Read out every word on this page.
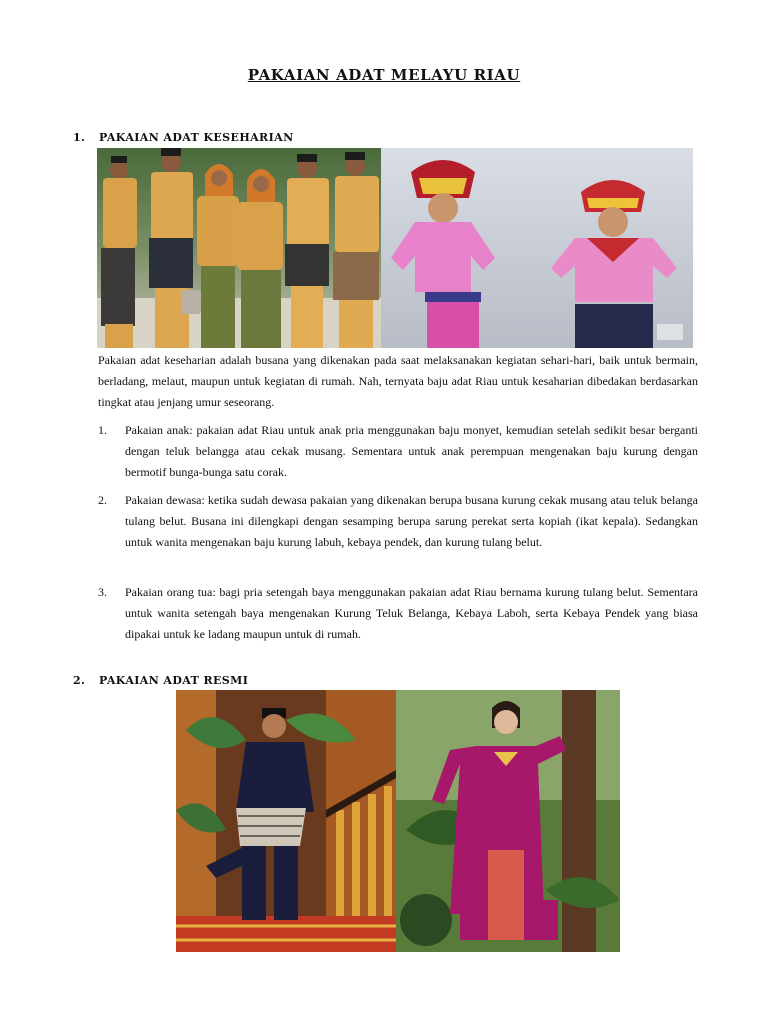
PAKAIAN ADAT MELAYU RIAU
1. PAKAIAN ADAT KESEHARIAN
Pakaian adat keseharian adalah busana yang dikenakan pada saat melaksanakan kegiatan sehari-hari, baik untuk bermain, berladang, melaut, maupun untuk kegiatan di rumah. Nah, ternyata baju adat Riau untuk kesaharian dibedakan berdasarkan tingkat atau jenjang umur seseorang.
1.	Pakaian anak: pakaian adat Riau untuk anak pria menggunakan baju monyet, kemudian setelah sedikit besar berganti dengan teluk belangga atau cekak musang. Sementara untuk anak perempuan mengenakan baju kurung dengan bermotif bunga-bunga satu corak.
2.	Pakaian dewasa: ketika sudah dewasa pakaian yang dikenakan berupa busana kurung cekak musang atau teluk belanga tulang belut. Busana ini dilengkapi dengan sesamping berupa sarung perekat serta kopiah (ikat kepala). Sedangkan untuk wanita mengenakan baju kurung labuh, kebaya pendek, dan kurung tulang belut.
3.	Pakaian orang tua: bagi pria setengah baya menggunakan pakaian adat Riau bernama kurung tulang belut. Sementara untuk wanita setengah baya mengenakan Kurung Teluk Belanga, Kebaya Laboh, serta Kebaya Pendek yang biasa dipakai untuk ke ladang maupun untuk di rumah.
2. PAKAIAN ADAT RESMI
